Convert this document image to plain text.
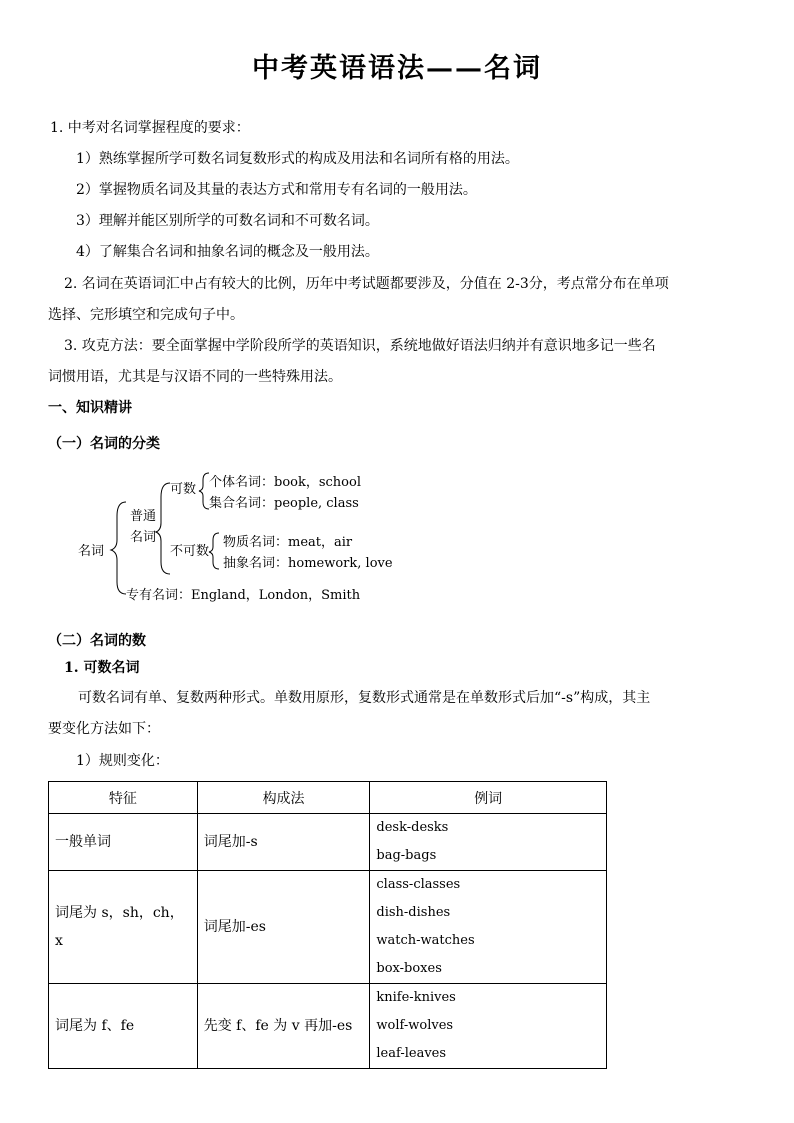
中考英语语法——名词
1. 中考对名词掌握程度的要求：
1）熟练掌握所学可数名词复数形式的构成及用法和名词所有格的用法。
2）掌握物质名词及其量的表达方式和常用专有名词的一般用法。
3）理解并能区别所学的可数名词和不可数名词。
4）了解集合名词和抽象名词的概念及一般用法。
2. 名词在英语词汇中占有较大的比例，历年中考试题都要涉及，分值在 2-3分，考点常分布在单项
选择、完形填空和完成句子中。
3. 攻克方法：要全面掌握中学阶段所学的英语知识，系统地做好语法归纳并有意识地多记一些名
词惯用语，尤其是与汉语不同的一些特殊用法。
一、知识精讲
（一）名词的分类
名词
普通
名词
可数
不可数
个体名词：book，school
集合名词：people, class
物质名词：meat，air
抽象名词：homework, love
专有名词：England，London，Smith
（二）名词的数
1. 可数名词
可数名词有单、复数两种形式。单数用原形，复数形式通常是在单数形式后加“-s”构成，其主
要变化方法如下：
1）规则变化：
特征	构成法	例词
一般单词	词尾加-s	desk-desks
bag-bags

词尾为 s，sh，ch，x	词尾加-es	class-classes
dish-dishes
watch-watches
box-boxes

词尾为 f、fe	先变 f、fe 为 v 再加-es	knife-knives
wolf-wolves
leaf-leaves
